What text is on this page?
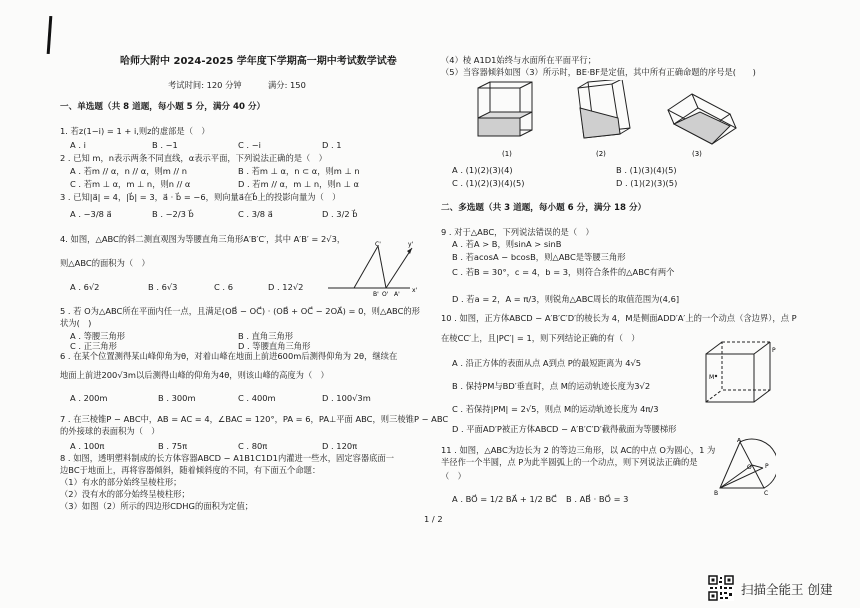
哈师大附中 2024-2025 学年度下学期高一期中考试数学试卷
考试时间: 120 分钟	满分: 150
一、单选题（共 8 道题，每小题 5 分，满分 40 分）
1. 若z(1−i) = 1 + i,则z的虚部是（　）
A . i	B . −1	C . −i	D . 1
2 . 已知 m，n表示两条不同直线，α表示平面，下列说法正确的是（　）
A . 若m // α，n // α，则m // n	B . 若m ⊥ α，n ⊂ α，则m ⊥ n
C . 若m ⊥ α，m ⊥ n，则n // α	D . 若m // α，m ⊥ n，则n ⊥ α
3 . 已知|a⃗| = 4，|b⃗| = 3，a⃗ · b⃗ = −6，则向量a⃗在b⃗上的投影向量为（　）
A . −3/8 a⃗	B . −2/3 b⃗	C . 3/8 a⃗	D . 3/2 b⃗
4. 如图，△ABC的斜二测直观图为等腰直角三角形A′B′C′，其中 A′B′ = 2√3，
则△ABC的面积为（　）
A . 6√2	B . 6√3	C . 6	D . 12√2
C'	y'
B' O' A'
x'
5 . 若 O为△ABC所在平面内任一点，且满足(OB⃗ − OC⃗) · (OB⃗ + OC⃗ − 2OA⃗) = 0，则△ABC的形
状为(　)
A . 等腰三角形	B . 直角三角形
C . 正三角形	D . 等腰直角三角形
6 . 在某个位置测得某山峰仰角为θ，对着山峰在地面上前进600m后测得仰角为 2θ，继续在
地面上前进200√3m以后测得山峰的仰角为4θ，则该山峰的高度为（　）
A . 200m	B . 300m	C . 400m	D . 100√3m
7 . 在三棱锥P − ABC中，AB = AC = 4，∠BAC = 120°，PA = 6，PA⊥平面 ABC，则三棱锥P − ABC
的外接球的表面积为（　）
A . 100π	B . 75π	C . 80π	D . 120π
8 . 如图，透明塑料制成的长方体容器ABCD − A1B1C1D1内灌进一些水，固定容器底面一
边BC于地面上，再将容器倾斜，随着倾斜度的不同，有下面五个命题：
（1）有水的部分始终呈棱柱形；
（2）没有水的部分始终呈棱柱形；
（3）如图（2）所示的四边形CDHG的面积为定值；
（4）棱 A1D1始终与水面所在平面平行；
（5）当容器倾斜如图（3）所示时，BE·BF是定值，其中所有正确命题的序号是(　　)
(1)	(2)	(3)
A . (1)(2)(3)(4)	B . (1)(3)(4)(5)
C . (1)(2)(3)(4)(5)	D . (1)(2)(3)(5)
二、多选题（共 3 道题，每小题 6 分，满分 18 分）
9 . 对于△ABC，下列说法错误的是（　）
A . 若A > B，则sinA > sinB
B . 若acosA − bcosB，则△ABC是等腰三角形
C . 若B = 30°，c = 4，b = 3，则符合条件的△ABC有两个
D . 若a = 2，A = π/3，则锐角△ABC周长的取值范围为(4,6]
10 . 如图，正方体ABCD − A′B′C′D′的棱长为 4，M是侧面ADD′A′上的一个动点（含边界），点 P
在棱CC′上，且|PC′| = 1，则下列结论正确的有（　）
A . 沿正方体的表面从点 A到点 P的最短距离为 4√5
B . 保持PM与BD′垂直时，点 M的运动轨迹长度为3√2
C . 若保持|PM| = 2√5，则点 M的运动轨迹长度为 4π/3
D . 平面AD′P被正方体ABCD − A′B′C′D′截得截面为等腰梯形
M
P
11 . 如图，△ABC为边长为 2 的等边三角形，以 AC的中点 O为圆心，1 为
半径作一个半圆，点 P为此半圆弧上的一个动点，则下列说法正确的是
（　）
A . BO⃗ = 1/2 BA⃗ + 1/2 BC⃗ B . AB⃗ · BO⃗ = 3
A
B	C
O P
1 / 2
扫描全能王 创建
